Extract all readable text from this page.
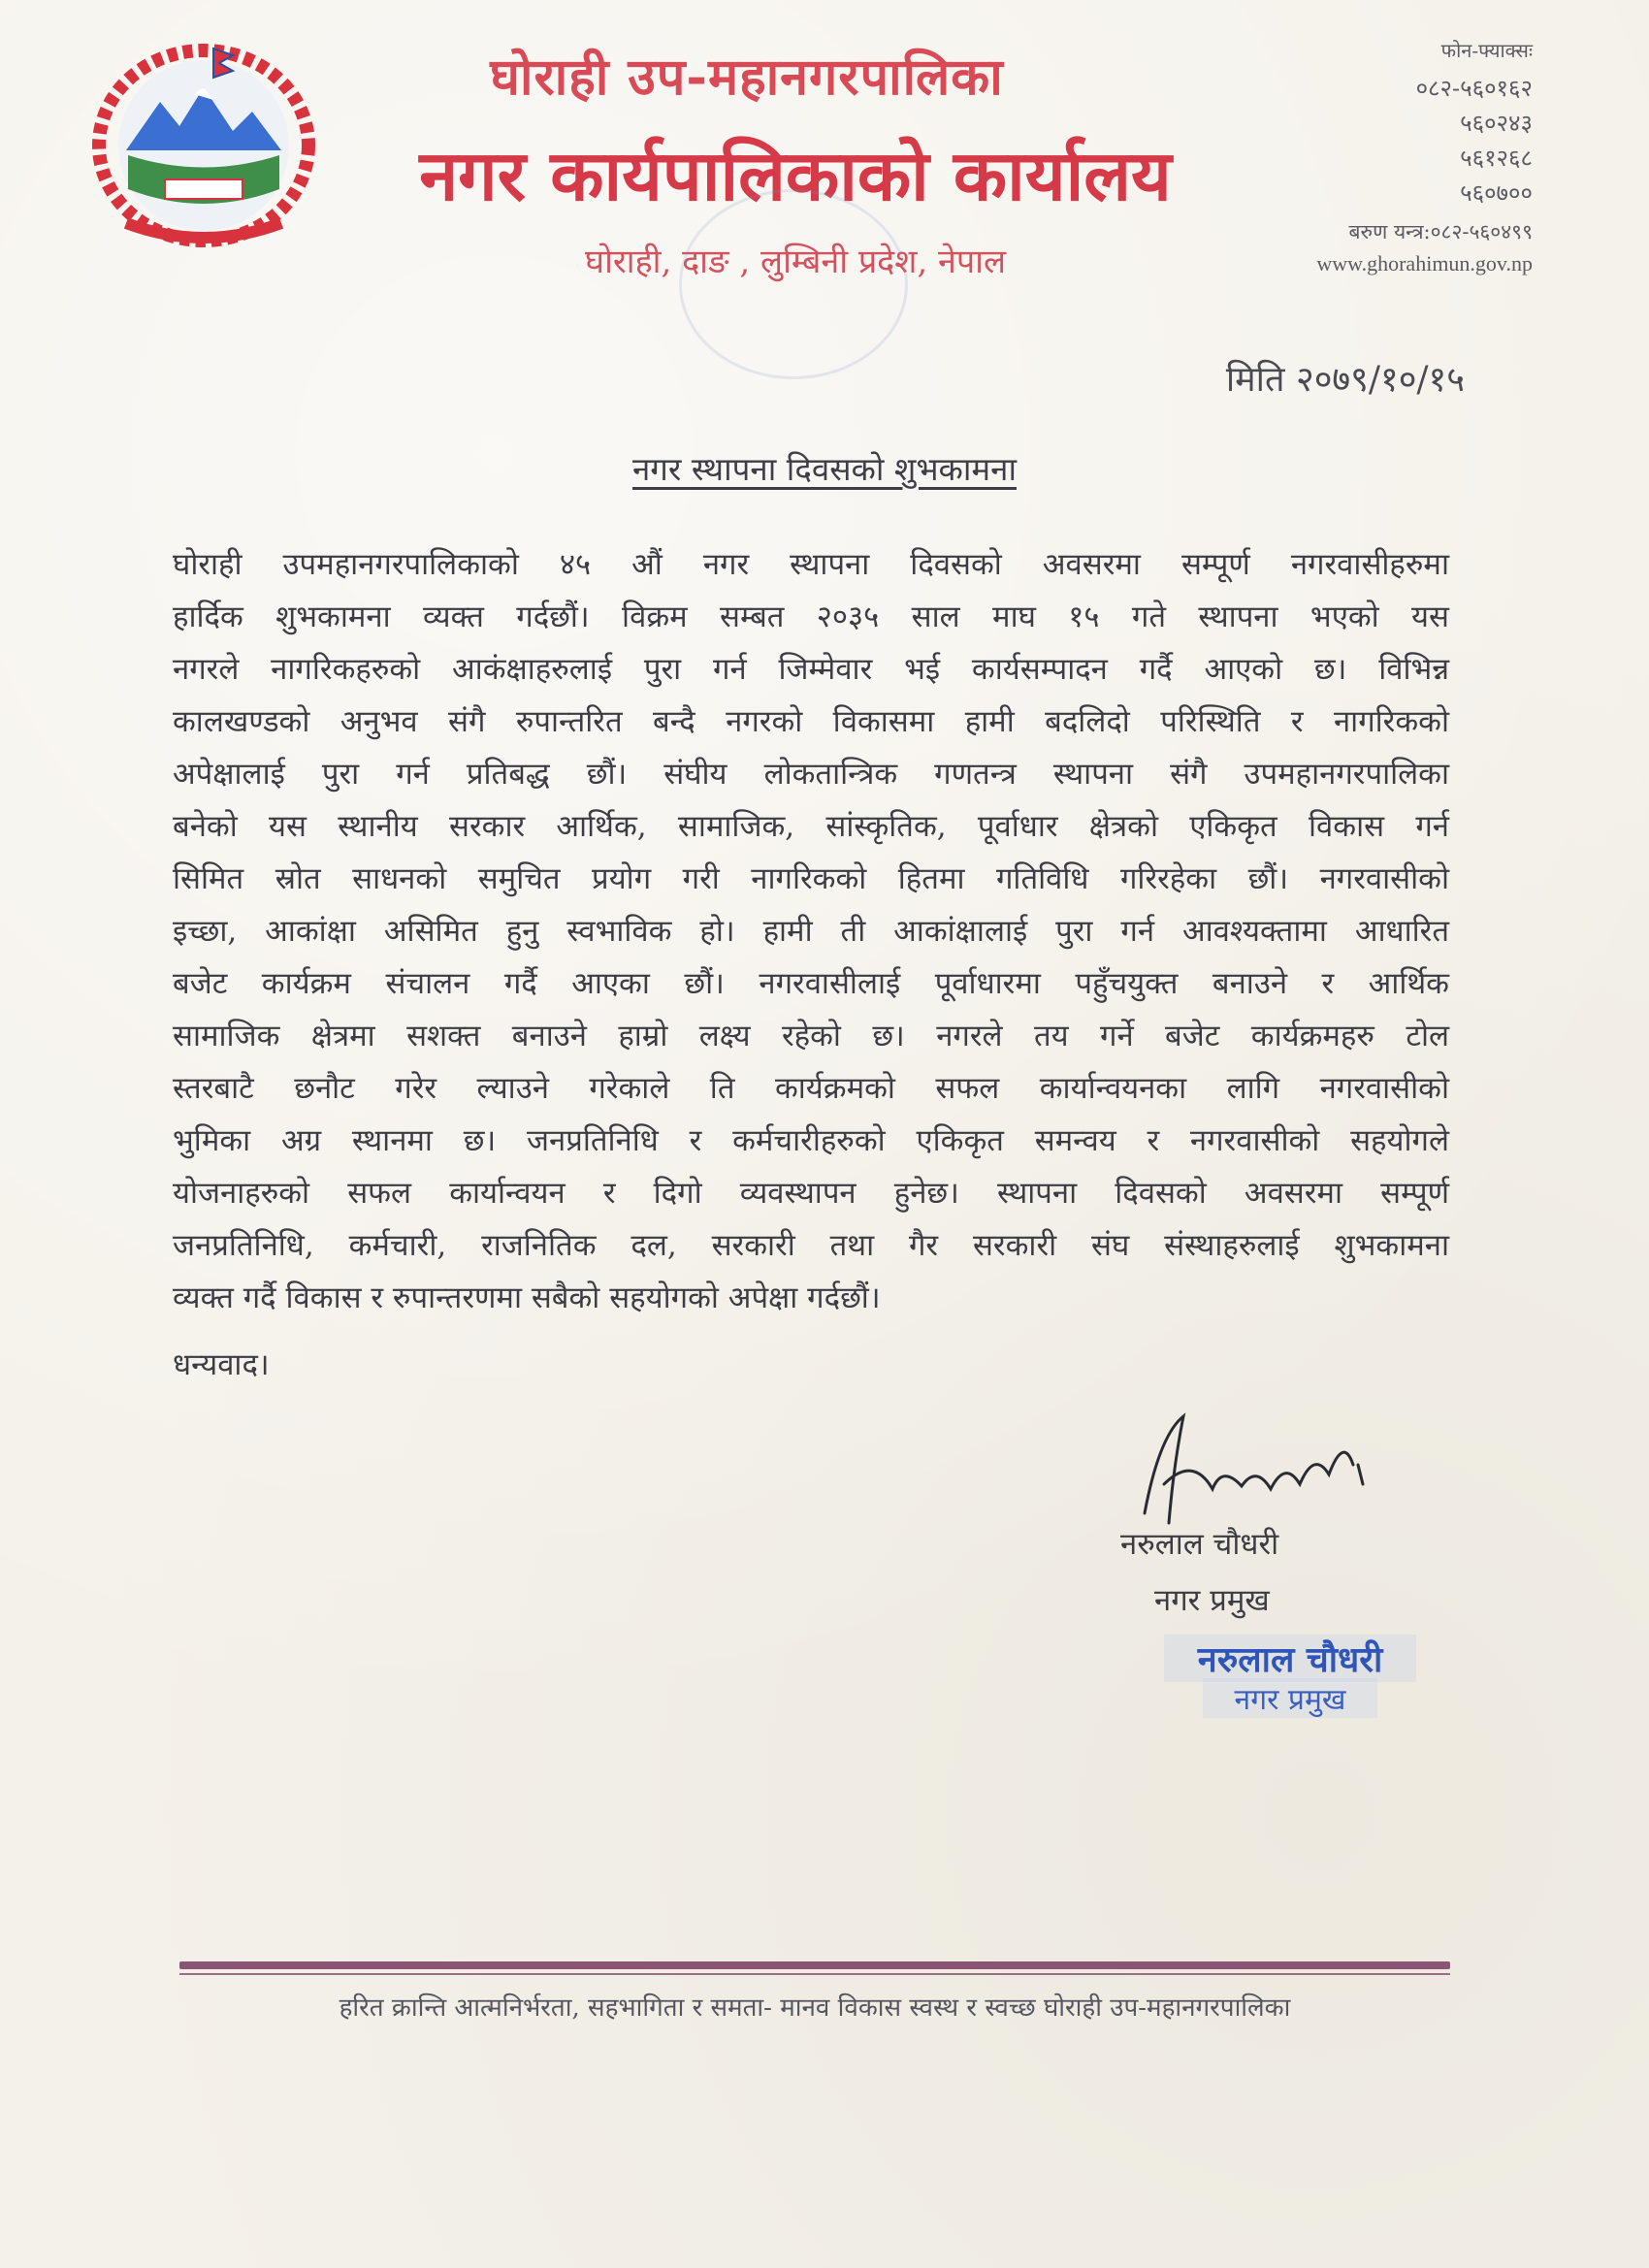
घोराही उप-महानगरपालिका
नगर कार्यपालिकाको कार्यालय
घोराही, दाङ , लुम्बिनी प्रदेश, नेपाल
फोन-फ्याक्सः
०८२-५६०१६२
५६०२४३
५६१२६८
५६०७००
बरुण यन्त्र:०८२-५६०४९९
www.ghorahimun.gov.np
मिति २०७९/१०/१५
नगर स्थापना दिवसको शुभकामना
घोराही उपमहानगरपालिकाको ४५ औं नगर स्थापना दिवसको अवसरमा सम्पूर्ण नगरवासीहरुमा
हार्दिक शुभकामना व्यक्त गर्दछौं। विक्रम सम्बत २०३५ साल माघ १५ गते स्थापना भएको यस
नगरले नागरिकहरुको आकंक्षाहरुलाई पुरा गर्न जिम्मेवार भई कार्यसम्पादन गर्दै आएको छ। विभिन्न
कालखण्डको अनुभव संगै रुपान्तरित बन्दै नगरको विकासमा हामी बदलिदो परिस्थिति र नागरिकको
अपेक्षालाई पुरा गर्न प्रतिबद्ध छौं। संघीय लोकतान्त्रिक गणतन्त्र स्थापना संगै उपमहानगरपालिका
बनेको यस स्थानीय सरकार आर्थिक, सामाजिक, सांस्कृतिक, पूर्वाधार क्षेत्रको एकिकृत विकास गर्न
सिमित स्रोत साधनको समुचित प्रयोग गरी नागरिकको हितमा गतिविधि गरिरहेका छौं। नगरवासीको
इच्छा, आकांक्षा असिमित हुनु स्वभाविक हो। हामी ती आकांक्षालाई पुरा गर्न आवश्यक्तामा आधारित
बजेट कार्यक्रम संचालन गर्दै आएका छौं। नगरवासीलाई पूर्वाधारमा पहुँचयुक्त बनाउने र आर्थिक
सामाजिक क्षेत्रमा सशक्त बनाउने हाम्रो लक्ष्य रहेको छ। नगरले तय गर्ने बजेट कार्यक्रमहरु टोल
स्तरबाटै छनौट गरेर ल्याउने गरेकाले ति कार्यक्रमको सफल कार्यान्वयनका लागि नगरवासीको
भुमिका अग्र स्थानमा छ। जनप्रतिनिधि र कर्मचारीहरुको एकिकृत समन्वय र नगरवासीको सहयोगले
योजनाहरुको सफल कार्यान्वयन र दिगो व्यवस्थापन हुनेछ। स्थापना दिवसको अवसरमा सम्पूर्ण
जनप्रतिनिधि, कर्मचारी, राजनितिक दल, सरकारी तथा गैर सरकारी संघ संस्थाहरुलाई शुभकामना
व्यक्त गर्दै विकास र रुपान्तरणमा सबैको सहयोगको अपेक्षा गर्दछौं।
धन्यवाद।
नरुलाल चौधरी
नगर प्रमुख
नरुलाल चौधरी
नगर प्रमुख
हरित क्रान्ति आत्मनिर्भरता, सहभागिता र समता- मानव विकास स्वस्थ र स्वच्छ घोराही उप-महानगरपालिका
